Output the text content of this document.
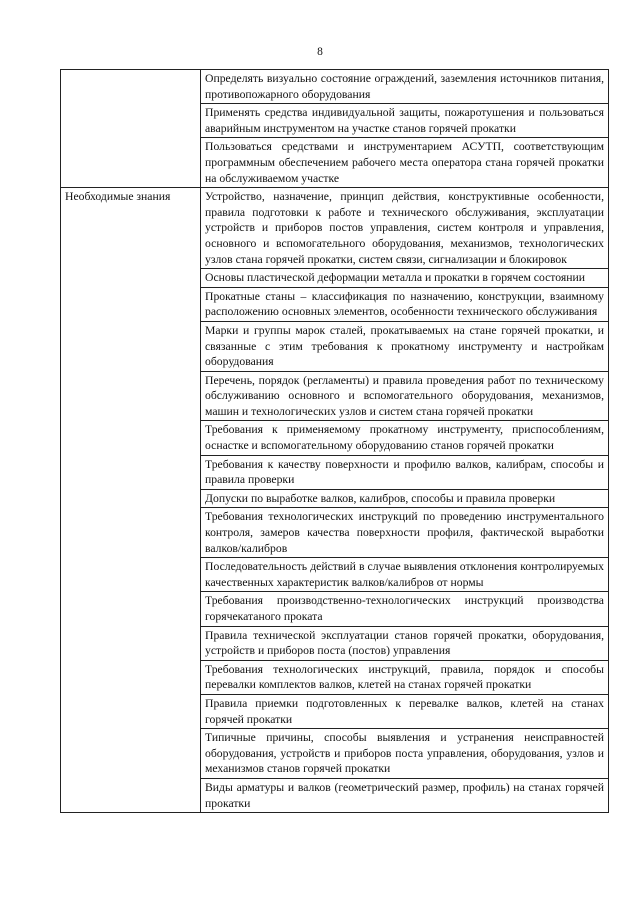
8
	Определять визуально состояние ограждений, заземления источников питания, противопожарного оборудования
	Применять средства индивидуальной защиты, пожаротушения и пользоваться аварийным инструментом на участке станов горячей прокатки
	Пользоваться средствами и инструментарием АСУТП, соответствующим программным обеспечением рабочего места оператора стана горячей прокатки на обслуживаемом участке
Необходимые знания	Устройство, назначение, принцип действия, конструктивные особенности, правила подготовки к работе и технического обслуживания, эксплуатации устройств и приборов постов управления, систем контроля и управления, основного и вспомогательного оборудования, механизмов, технологических узлов стана горячей прокатки, систем связи, сигнализации и блокировок
	Основы пластической деформации металла и прокатки в горячем состоянии
	Прокатные станы – классификация по назначению, конструкции, взаимному расположению основных элементов, особенности технического обслуживания
	Марки и группы марок сталей, прокатываемых на стане горячей прокатки, и связанные с этим требования к прокатному инструменту и настройкам оборудования
	Перечень, порядок (регламенты) и правила проведения работ по техническому обслуживанию основного и вспомогательного оборудования, механизмов, машин и технологических узлов и систем стана горячей прокатки
	Требования к применяемому прокатному инструменту, приспособлениям, оснастке и вспомогательному оборудованию станов горячей прокатки
	Требования к качеству поверхности и профилю валков, калибрам, способы и правила проверки
	Допуски по выработке валков, калибров, способы и правила проверки
	Требования технологических инструкций по проведению инструментального контроля, замеров качества поверхности профиля, фактической выработки валков/калибров
	Последовательность действий в случае выявления отклонения контролируемых качественных характеристик валков/калибров от нормы
	Требования производственно-технологических инструкций производства горячекатаного проката
	Правила технической эксплуатации станов горячей прокатки, оборудования, устройств и приборов поста (постов) управления
	Требования технологических инструкций, правила, порядок и способы перевалки комплектов валков, клетей на станах горячей прокатки
	Правила приемки подготовленных к перевалке валков, клетей на станах горячей прокатки
	Типичные причины, способы выявления и устранения неисправностей оборудования, устройств и приборов поста управления, оборудования, узлов и механизмов станов горячей прокатки
	Виды арматуры и валков (геометрический размер, профиль) на станах горячей прокатки
